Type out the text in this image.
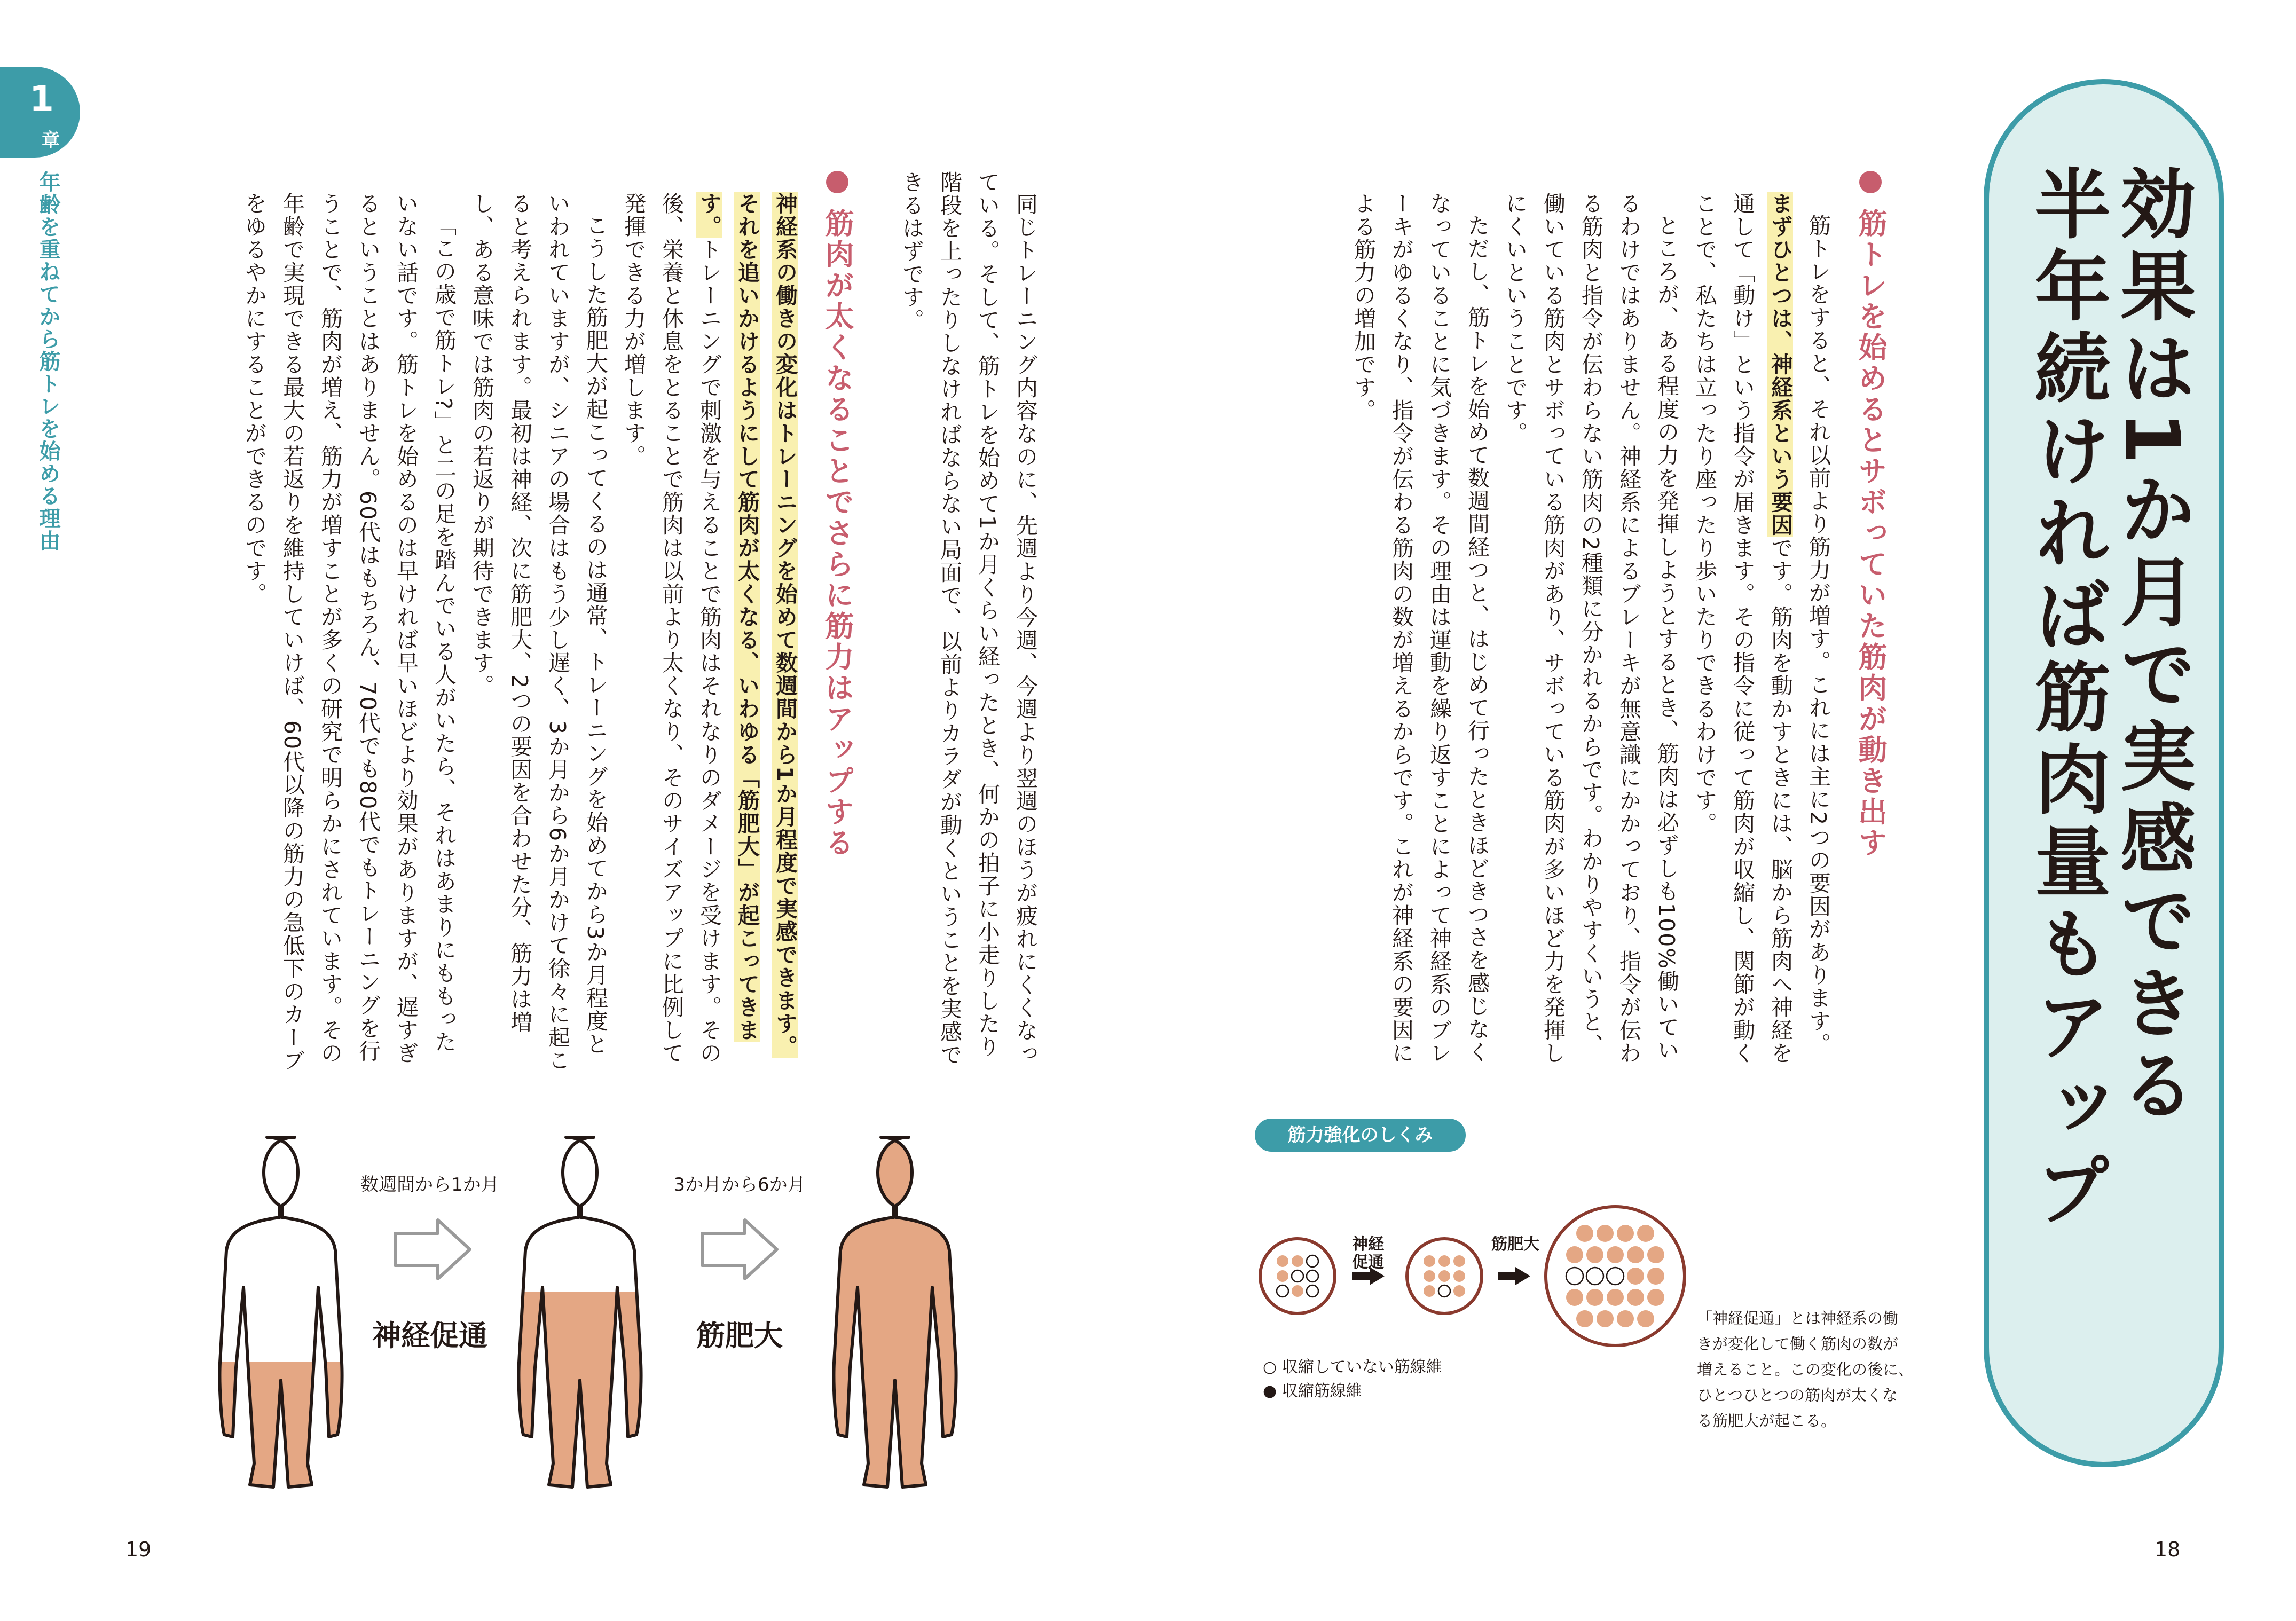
1
章
年齢を重ねてから筋トレを始める理由	同じトレーニング内容なのに、先週より今週、今週より翌週のほうが疲れにくくなっている。そして、筋トレを始めて1か月くらい経ったとき、何かの拍子に小走りしたり階段を上ったりしなければならない局面で、以前よりカラダが動くということを実感できるはずです。

筋肉が太くなることでさらに筋力はアップする

神経系の働きの変化はトレーニングを始めて数週間から1か月程度で実感できます。それを追いかけるようにして筋肉が太くなる、いわゆる「筋肥大」が起こってきます。トレーニングで刺激を与えることで筋肉はそれなりのダメージを受けます。その後、栄養と休息をとることで筋肉は以前より太くなり、そのサイズアップに比例して発揮できる力が増します。

こうした筋肥大が起こってくるのは通常、トレーニングを始めてから3か月程度といわれていますが、シニアの場合はもう少し遅く、3か月から6か月かけて徐々に起こると考えられます。最初は神経、次に筋肥大、2つの要因を合わせた分、筋力は増し、ある意味では筋肉の若返りが期待できます。

「この歳で筋トレ?」と二の足を踏んでいる人がいたら、それはあまりにももったいない話です。筋トレを始めるのは早ければ早いほどより効果がありますが、遅すぎるということはありません。60代はもちろん、70代でも80代でもトレーニングを行うことで、筋肉が増え、筋力が増すことが多くの研究で明らかにされています。その年齢で実現できる最大の若返りを維持していけば、60代以降の筋力の急低下のカーブをゆるやかにすることができるのです。

数週間から1か月
神経促通
3か月から6か月
筋肥大
19
効果は1か月で実感できる
半年続ければ筋肉量もアップ
筋トレを始めるとサボっていた筋肉が動き出す

筋トレをすると、それ以前より筋力が増す。これには主に2つの要因があります。まずひとつは、神経系という要因です。筋肉を動かすときには、脳から筋肉へ神経を通して「動け」という指令が届きます。その指令に従って筋肉が収縮し、関節が動くことで、私たちは立ったり座ったり歩いたりできるわけです。

ところが、ある程度の力を発揮しようとするとき、筋肉は必ずしも100%働いているわけではありません。神経系によるブレーキが無意識にかかっており、指令が伝わる筋肉と指令が伝わらない筋肉の2種類に分かれるからです。わかりやすくいうと、働いている筋肉とサボっている筋肉があり、サボっている筋肉が多いほど力を発揮しにくいということです。

ただし、筋トレを始めて数週間経つと、はじめて行ったときほどきつさを感じなくなっていることに気づきます。その理由は運動を繰り返すことによって神経系のブレーキがゆるくなり、指令が伝わる筋肉の数が増えるからです。これが神経系の要因による筋力の増加です。

筋力強化のしくみ
神経
促通
筋肥大
○ 収縮していない筋線維
● 収縮筋線維
「神経促通」とは神経系の働
きが変化して働く筋肉の数が
増えること。この変化の後に、
ひとつひとつの筋肉が太くな
る筋肥大が起こる。
18
